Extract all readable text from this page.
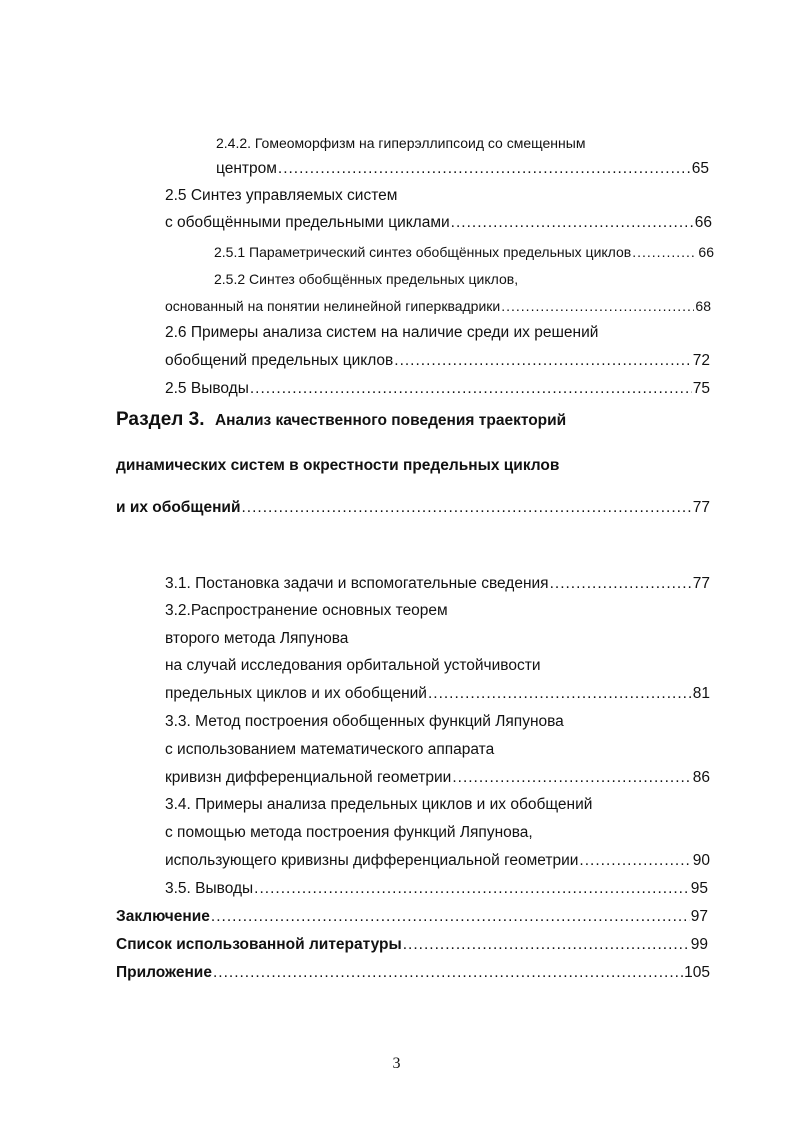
2.4.2. Гомеоморфизм на гиперэллипсоид со смещенным
центром .....	65
2.5 Синтез управляемых систем
с обобщёнными предельными циклами .....	66
2.5.1 Параметрический синтез обобщённых предельных циклов .....	66
2.5.2 Синтез обобщённых предельных циклов,
основанный на понятии нелинейной гиперквадрики .....	68
2.6 Примеры анализа систем на наличие среди их решений
обобщений предельных циклов .....	72
2.5 Выводы .....	75
Раздел 3. Анализ качественного поведения траекторий
динамических систем в окрестности предельных циклов
и их обобщений .....	77
3.1. Постановка задачи и вспомогательные сведения .....	77
3.2.Распространение основных теорем
второго метода Ляпунова
на случай исследования орбитальной устойчивости
предельных циклов и их обобщений .....	81
3.3. Метод построения обобщенных функций Ляпунова
с использованием математического аппарата
кривизн дифференциальной геометрии .....	86
3.4. Примеры анализа предельных циклов и их обобщений
с помощью метода построения функций Ляпунова,
использующего кривизны дифференциальной геометрии .....	90
3.5. Выводы .....	95
Заключение .....	97
Список использованной литературы .....	99
Приложение .....	105
3
